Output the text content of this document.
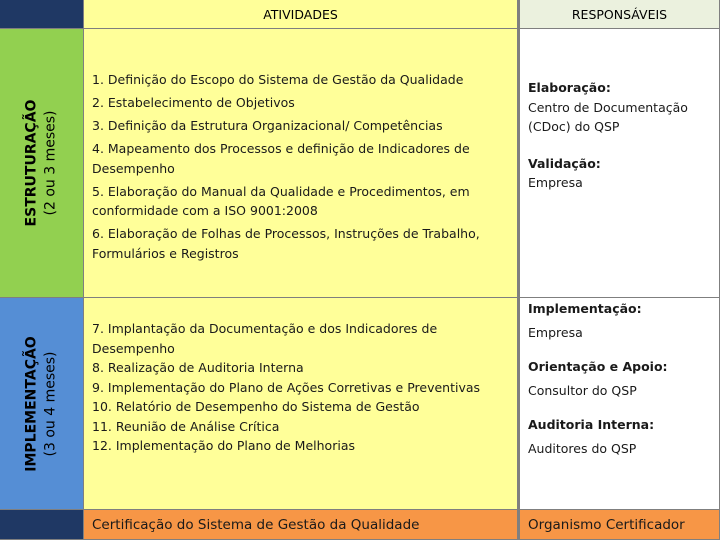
ATIVIDADES	RESPONSÁVEIS
ESTRUTURAÇÃO (2 ou 3 meses)
1. Definição do Escopo do Sistema de Gestão da Qualidade
2. Estabelecimento de Objetivos
3. Definição da Estrutura Organizacional/ Competências
4. Mapeamento dos Processos e definição de Indicadores de Desempenho
5. Elaboração do Manual da Qualidade e Procedimentos, em conformidade com a ISO 9001:2008
6. Elaboração de Folhas de Processos, Instruções de Trabalho, Formulários e Registros
Elaboração:
Centro de Documentação (CDoc) do QSP
Validação:
Empresa
IMPLEMENTAÇÃO (3 ou 4 meses)
7. Implantação da Documentação e dos Indicadores de Desempenho
8. Realização de Auditoria Interna
9. Implementação do Plano de Ações Corretivas e Preventivas
10. Relatório de Desempenho do Sistema de Gestão
11. Reunião de Análise Crítica
12. Implementação do Plano de Melhorias
Implementação:
Empresa
Orientação e Apoio:
Consultor do QSP
Auditoria Interna:
Auditores do QSP
Certificação do Sistema de Gestão da Qualidade	Organismo Certificador
